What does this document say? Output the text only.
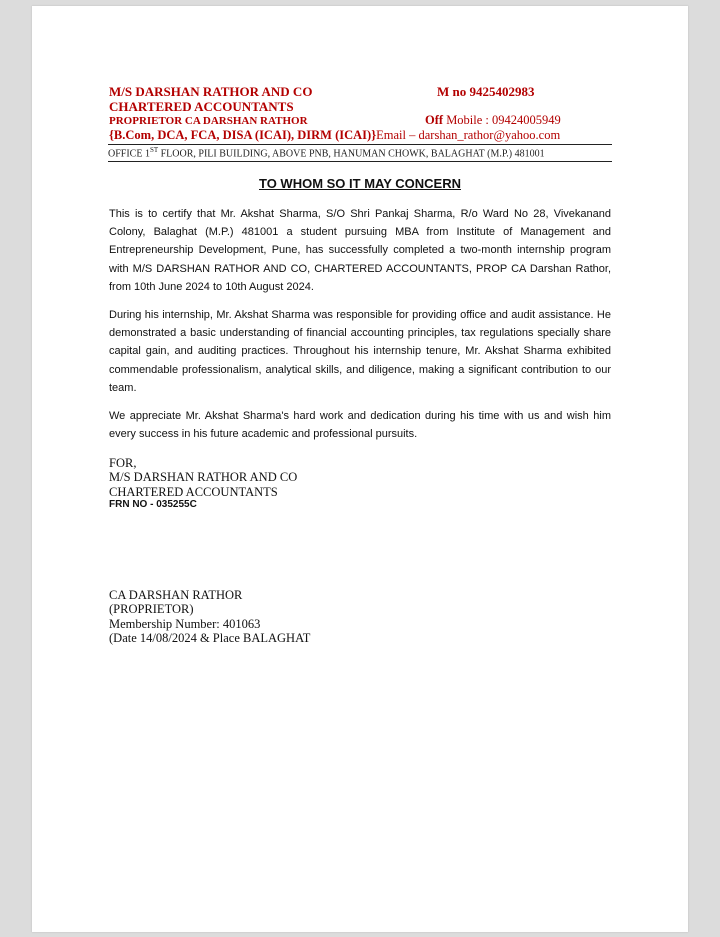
M/S DARSHAN RATHOR AND CO	M no 9425402983
CHARTERED ACCOUNTANTS
PROPRIETOR CA DARSHAN RATHOR	Off Mobile : 09424005949
{B.Com, DCA, FCA, DISA (ICAI), DIRM (ICAI)}Email – darshan_rathor@yahoo.com
OFFICE 1ST FLOOR, PILI BUILDING, ABOVE PNB, HANUMAN CHOWK, BALAGHAT (M.P.) 481001
TO WHOM SO IT MAY CONCERN
This is to certify that Mr. Akshat Sharma, S/O Shri Pankaj Sharma, R/o Ward No 28, Vivekanand Colony, Balaghat (M.P.) 481001 a student pursuing MBA from Institute of Management and Entrepreneurship Development, Pune, has successfully completed a two-month internship program with M/S DARSHAN RATHOR AND CO, CHARTERED ACCOUNTANTS, PROP CA Darshan Rathor, from 10th June 2024 to 10th August 2024.
During his internship, Mr. Akshat Sharma was responsible for providing office and audit assistance. He demonstrated a basic understanding of financial accounting principles, tax regulations specially share capital gain, and auditing practices. Throughout his internship tenure, Mr. Akshat Sharma exhibited commendable professionalism, analytical skills, and diligence, making a significant contribution to our team.
We appreciate Mr. Akshat Sharma's hard work and dedication during his time with us and wish him every success in his future academic and professional pursuits.
FOR,
M/S DARSHAN RATHOR AND CO
CHARTERED ACCOUNTANTS
FRN NO - 035255C
CA DARSHAN RATHOR
(PROPRIETOR)
Membership Number: 401063
(Date 14/08/2024 & Place BALAGHAT
